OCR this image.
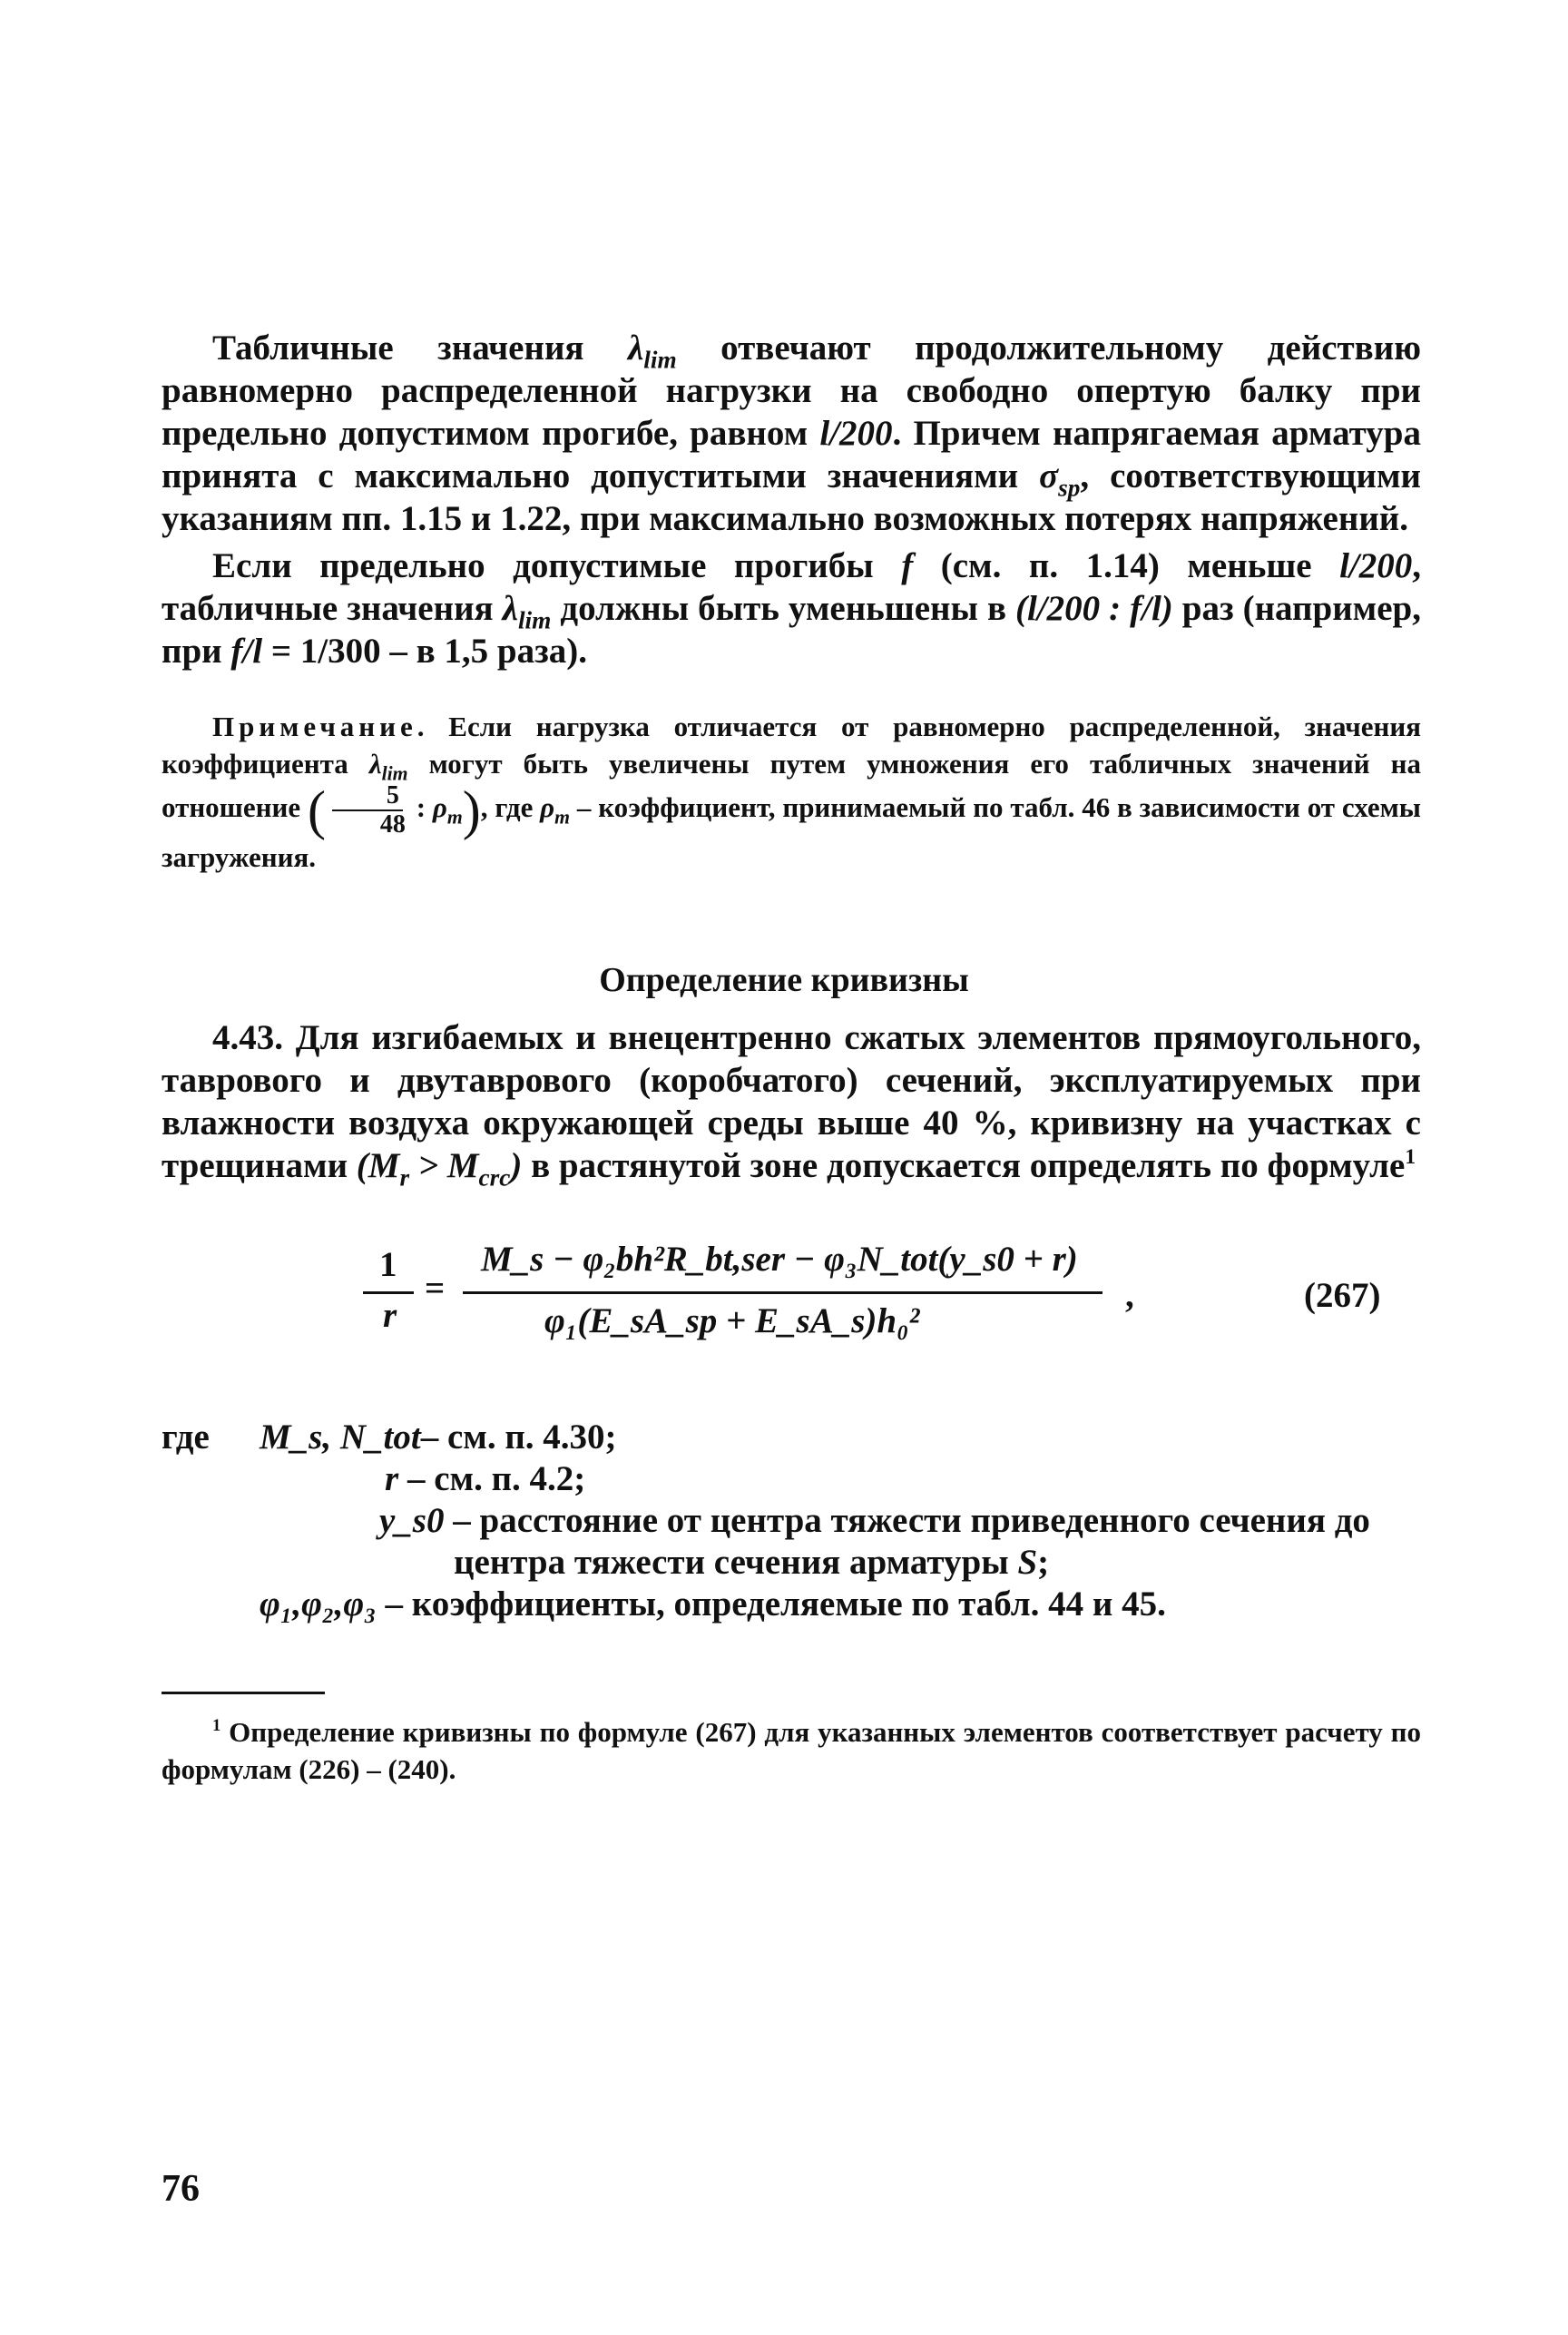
Табличные значения $\lambda_{lim}$ отвечают продолжительному действию равномерно распределенной нагрузки на свободно опертую балку при предельно допустимом прогибе, равном l/200. Причем напрягаемая арматура принята с максимально допуститыми значениями $\sigma_{sp}$, соответствующими указаниям пп. 1.15 и 1.22, при максимально возможных потерях напряжений.

Если предельно допустимые прогибы f (см. п. 1.14) меньше l/200, табличные значения $\lambda_{lim}$ должны быть уменьшены в (l/200 : f/l) раз (например, при f/l = 1/300 – в 1,5 раза).

Примечание. Если нагрузка отличается от равномерно распределенной, значения коэффициента $\lambda_{lim}$ могут быть увеличены путем умножения его табличных значений на отношение ( $\frac{5}{48}$ : $\rho_m$), где $\rho_m$ – коэффициент, принимаемый по табл. 46 в зависимости от схемы загружения.

Определение кривизны

4.43. Для изгибаемых и внецентренно сжатых элементов прямоугольного, таврового и двутаврового (коробчатого) сечений, эксплуатируемых при влажности воздуха окружающей среды выше 40 %, кривизну на участках с трещинами $(M_r > M_{crc})$ в растянутой зоне допускается определять по формуле$^1$

1
r
=
M_s − φ₂bh²R_bt,ser − φ₃N_tot(y_s0 + r)
φ₁(E_sA_sp + E_sA_s)h₀²
,	(267)
где M_s, N_tot– см. п. 4.30;
r – см. п. 4.2;
y_s0 – расстояние от центра тяжести приведенного сечения до
центра тяжести сечения арматуры S;
φ₁,φ₂,φ₃ – коэффициенты, определяемые по табл. 44 и 45.

$^1$ Определение кривизны по формуле (267) для указанных элементов соответствует расчету по формулам (226) – (240).

76
